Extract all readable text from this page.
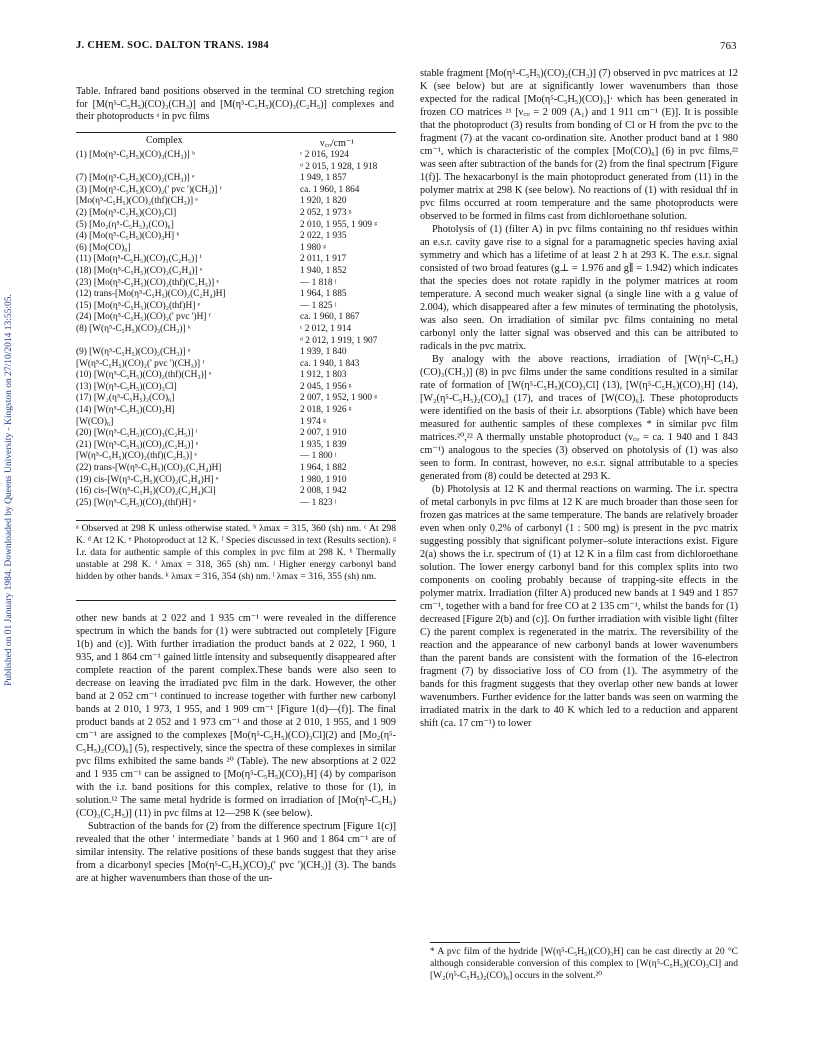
Published on 01 January 1984. Downloaded by Queens University - Kingston on 27/10/2014 13:55:05.
J. CHEM. SOC. DALTON TRANS. 1984	763
Table. Infrared band positions observed in the terminal CO stretching region for [M(η⁵-C₅H₅)(CO)₃(CH₃)] and [M(η⁵-C₅H₅)(CO)₃(C₂H₅)] complexes and their photoproducts ᵃ in pvc films
Complex	ν꜀ₒ/cm⁻¹
(1) [Mo(η⁵-C₅H₅)(CO)₃(CH₃)] ᵇ	ᶜ 2 016, 1924
ᵈ 2 015, 1 928, 1 918
(7) [Mo(η⁵-C₅H₅)(CO)₂(CH₃)] ᵉ	1 949, 1 857
(3) [Mo(η⁵-C₅H₅)(CO)₂(' pvc ')(CH₃)] ᶠ	ca. 1 960, 1 864
[Mo(η⁵-C₅H₅)(CO)₂(thf)(CH₃)] ᵉ	1 920, 1 820
(2) [Mo(η⁵-C₅H₅)(CO)₃Cl]	2 052, 1 973 ᵍ
(5) [Mo₂(η⁵-C₅H₅)₂(CO)₆]	2 010, 1 955, 1 909 ᵍ
(4) [Mo(η⁵-C₅H₅)(CO)₃H] ʰ	2 022, 1 935
(6) [Mo(CO)₆]	1 980 ᵍ
(11) [Mo(η⁵-C₅H₅)(CO)₃(C₂H₅)] ⁱ	2 011, 1 917
(18) [Mo(η⁵-C₅H₅)(CO)₂(C₂H₄)] ᵉ	1 940, 1 852
(23) [Mo(η⁵-C₅H₅)(CO)₂(thf)(C₂H₅)] ᵉ	— 1 818 ʲ
(12) trans-[Mo(η⁵-C₅H₅)(CO)₂(C₂H₄)H]	1 964, 1 885
(15) [Mo(η⁵-C₅H₅)(CO)₂(thf)H] ᵉ	— 1 825 ʲ
(24) [Mo(η⁵-C₅H₅)(CO)₂(' pvc ')H] ᶠ	ca. 1 960, 1 867
(8) [W(η⁵-C₅H₅)(CO)₃(CH₃)] ᵏ	ᶜ 2 012, 1 914
ᵈ 2 012, 1 919, 1 907
(9) [W(η⁵-C₅H₅)(CO)₂(CH₃)] ᵉ	1 939, 1 840
[W(η⁵-C₅H₅)(CO)₂(' pvc ')(CH₃)] ᶠ	ca. 1 940, 1 843
(10) [W(η⁵-C₅H₅)(CO)₂(thf)(CH₃)] ᵉ	1 912, 1 803
(13) [W(η⁵-C₅H₅)(CO)₃Cl]	2 045, 1 956 ᵍ
(17) [W₂(η⁵-C₅H₅)₂(CO)₆]	2 007, 1 952, 1 900 ᵍ
(14) [W(η⁵-C₅H₅)(CO)₃H]	2 018, 1 926 ᵍ
[W(CO)₆]	1 974 ᵍ
(20) [W(η⁵-C₅H₅)(CO)₃(C₂H₅)] ˡ	2 007, 1 910
(21) [W(η⁵-C₅H₅)(CO)₂(C₂H₅)] ᵉ	1 935, 1 839
[W(η⁵-C₅H₅)(CO)₂(thf)(C₂H₅)] ᵉ	— 1 800 ʲ
(22) trans-[W(η⁵-C₅H₅)(CO)₂(C₂H₄)H]	1 964, 1 882
(19) cis-[W(η⁵-C₅H₅)(CO)₂(C₂H₄)H] ᵉ	1 980, 1 910
(16) cis-[W(η⁵-C₅H₅)(CO)₂(C₂H₄)Cl]	2 008, 1 942
(25) [W(η⁵-C₅H₅)(CO)₂(thf)H] ᵉ	— 1 823 ʲ
ᵃ Observed at 298 K unless otherwise stated. ᵇ λmax = 315, 360 (sh) nm. ᶜ At 298 K. ᵈ At 12 K. ᵉ Photoproduct at 12 K. ᶠ Species discussed in text (Results section). ᵍ I.r. data for authentic sample of this complex in pvc film at 298 K. ʰ Thermally unstable at 298 K. ⁱ λmax = 318, 365 (sh) nm. ʲ Higher energy carbonyl band hidden by other bands. ᵏ λmax = 316, 354 (sh) nm. ˡ λmax = 316, 355 (sh) nm.

other new bands at 2 022 and 1 935 cm⁻¹ were revealed in the difference spectrum in which the bands for (1) were subtracted out completely [Figure 1(b) and (c)]. With further irradiation the product bands at 2 022, 1 960, 1 935, and 1 864 cm⁻¹ gained little intensity and subsequently disappeared after complete reaction of the parent complex.These bands were also seen to decrease on leaving the irradiated pvc film in the dark. However, the other band at 2 052 cm⁻¹ continued to increase together with further new carbonyl bands at 2 010, 1 973, 1 955, and 1 909 cm⁻¹ [Figure 1(d)—(f)]. The final product bands at 2 052 and 1 973 cm⁻¹ and those at 2 010, 1 955, and 1 909 cm⁻¹ are assigned to the complexes [Mo(η⁵-C₅H₅)(CO)₃Cl](2) and [Mo₂(η⁵-C₅H₅)₂(CO)₆] (5), respectively, since the spectra of these complexes in similar pvc films exhibited the same bands ²⁰ (Table). The new absorptions at 2 022 and 1 935 cm⁻¹ can be assigned to [Mo(η⁵-C₅H₅)(CO)₃H] (4) by comparison with the i.r. band positions for this complex, relative to those for (1), in solution.¹² The same metal hydride is formed on irradiation of [Mo(η⁵-C₅H₅)(CO)₃(C₂H₅)] (11) in pvc films at 12—298 K (see below).

Subtraction of the bands for (2) from the difference spectrum [Figure 1(c)] revealed that the other ' intermediate ' bands at 1 960 and 1 864 cm⁻¹ are of similar intensity. The relative positions of these bands suggest that they arise from a dicarbonyl species [Mo(η⁵-C₅H₅)(CO)₂(' pvc ')(CH₃)] (3). The bands are at higher wavenumbers than those of the un-

stable fragment [Mo(η⁵-C₅H₅)(CO)₂(CH₃)] (7) observed in pvc matrices at 12 K (see below) but are at significantly lower wavenumbers than those expected for the radical [Mo(η⁵-C₅H₅)(CO)₃]· which has been generated in frozen CO matrices ²¹ [ν꜀ₒ = 2 009 (A₁) and 1 911 cm⁻¹ (E)]. It is possible that the photoproduct (3) results from bonding of Cl or H from the pvc to the fragment (7) at the vacant co-ordination site. Another product band at 1 980 cm⁻¹, which is characteristic of the complex [Mo(CO)₆] (6) in pvc films,²² was seen after subtraction of the bands for (2) from the final spectrum [Figure 1(f)]. The hexacarbonyl is the main photoproduct generated from (11) in the polymer matrix at 298 K (see below). No reactions of (1) with residual thf in pvc films occurred at room temperature and the same photoproducts were observed to be formed in films cast from dichloroethane solution.

Photolysis of (1) (filter A) in pvc films containing no thf residues within an e.s.r. cavity gave rise to a signal for a paramagnetic species having axial symmetry and which has a lifetime of at least 2 h at 293 K. The e.s.r. signal consisted of two broad features (g⊥ = 1.976 and g∥ = 1.942) which indicates that the species does not rotate rapidly in the polymer matrices at room temperature. A second much weaker signal (a single line with a g value of 2.004), which disappeared after a few minutes of terminating the photolysis, was also seen. On irradiation of similar pvc films containing no metal carbonyl only the latter signal was observed and this can be attributed to radicals in the pvc matrix.

By analogy with the above reactions, irradiation of [W(η⁵-C₅H₅)(CO)₃(CH₃)] (8) in pvc films under the same conditions resulted in a similar rate of formation of [W(η⁵-C₅H₅)(CO)₃Cl] (13), [W(η⁵-C₅H₅)(CO)₃H] (14), [W₂(η⁵-C₅H₅)₂(CO)₆] (17), and traces of [W(CO)₆]. These photoproducts were identified on the basis of their i.r. absorptions (Table) which have been measured for authentic samples of these complexes * in similar pvc film matrices.²⁰,²² A thermally unstable photoproduct (ν꜀ₒ = ca. 1 940 and 1 843 cm⁻¹) analogous to the species (3) observed on photolysis of (1) was also seen to form. In contrast, however, no e.s.r. signal attributable to a species generated from (8) could be detected at 293 K.

(b) Photolysis at 12 K and thermal reactions on warming. The i.r. spectra of metal carbonyls in pvc films at 12 K are much broader than those seen for frozen gas matrices at the same temperature. The bands are relatively broader even when only 0.2% of carbonyl (1 : 500 mg) is present in the pvc matrix suggesting possibly that significant polymer–solute interactions exist. Figure 2(a) shows the i.r. spectrum of (1) at 12 K in a film cast from dichloroethane solution. The lower energy carbonyl band for this complex splits into two components on cooling probably because of trapping-site effects in the polymer matrix. Irradiation (filter A) produced new bands at 1 949 and 1 857 cm⁻¹, together with a band for free CO at 2 135 cm⁻¹, whilst the bands for (1) decreased [Figure 2(b) and (c)]. On further irradiation with visible light (filter C) the parent complex is regenerated in the matrix. The reversibility of the reaction and the appearance of new carbonyl bands at lower wavenumbers than the parent bands are consistent with the formation of the 16-electron fragment (7) by dissociative loss of CO from (1). The asymmetry of the bands for this fragment suggests that they overlap other new bands at lower wavenumbers. Further evidence for the latter bands was seen on warming the irradiated matrix in the dark to 40 K which led to a reduction and apparent shift (ca. 17 cm⁻¹) to lower

* A pvc film of the hydride [W(η⁵-C₅H₅)(CO)₃H] can be cast directly at 20 °C although considerable conversion of this complex to [W(η⁵-C₅H₅)(CO)₃Cl] and [W₂(η⁵-C₅H₅)₂(CO)₆] occurs in the solvent.²⁰
